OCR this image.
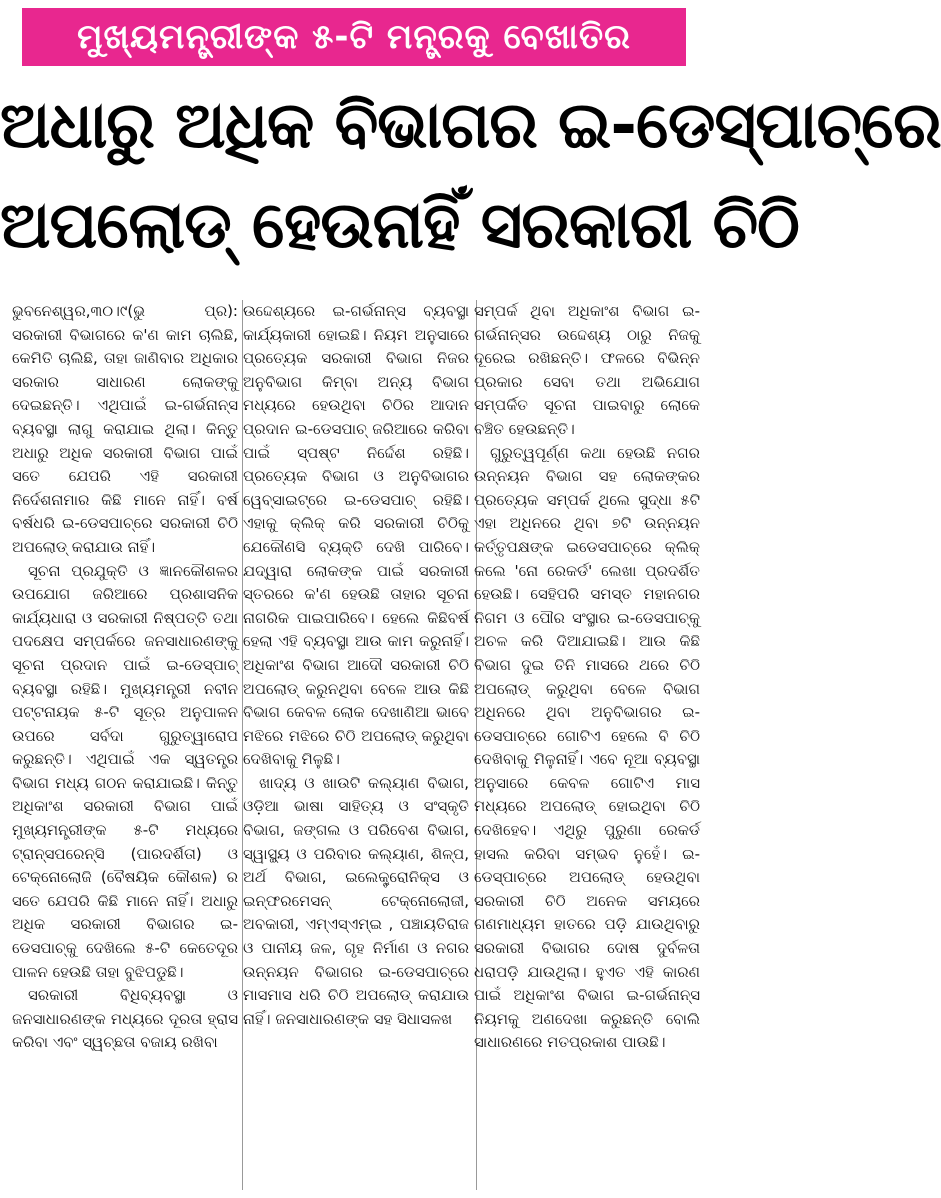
ମୁଖ୍ୟମନ୍ତ୍ରୀଙ୍କ ୫-ଟି ମନ୍ତ୍ରକୁ ବେଖାତିର
ଅଧାରୁ ଅଧିକ ବିଭାଗର ଇ-ଡେସ୍‌ପାଚ୍‌ରେ
ଅପଲୋଡ୍ ହେଉନାହିଁ ସରକାରୀ ଚିଠି

ଭୁବନେଶ୍ୱର,୩୦।୯(ଭୁ ପ୍ର): ସରକାରୀ ବିଭାଗରେ କ'ଣ କାମ ଚାଲିଛି, କେମିତି ଚାଲିଛି, ତାହା ଜାଣିବାର ଅଧିକାର ସରକାର ସାଧାରଣ ଲୋକଙ୍କୁ ଦେଇଛନ୍ତି। ଏଥିପାଇଁ ଇ-ଗର୍ଭନାନ୍ସ ବ୍ୟବସ୍ଥା ଲାଗୁ କରାଯାଇ ଥିଲା। କିନ୍ତୁ ଅଧାରୁ ଅଧିକ ସରକାରୀ ବିଭାଗ ପାଇଁ ସତେ ଯେପରି ଏହି ସରକାରୀ ନିର୍ଦେଶନାମାର କିଛି ମାନେ ନାହିଁ। ବର୍ଷ ବର୍ଷଧରି ଇ-ଡେସପାଚ୍‌ରେ ସରକାରୀ ଚିଠି ଅପଲୋଡ୍ କରାଯାଉ ନାହିଁ।

ସୂଚନା ପ୍ରଯୁକ୍ତି ଓ ଜ୍ଞାନକୌଶଳର ଉପଯୋଗ ଜରିଆରେ ପ୍ରଶାସନିକ କାର୍ଯ୍ୟଧାରା ଓ ସରକାରୀ ନିଷ୍ପତ୍ତି ତଥା ପଦକ୍ଷେପ ସମ୍ପର୍କରେ ଜନସାଧାରଣଙ୍କୁ ସୂଚନା ପ୍ରଦାନ ପାଇଁ ଇ-ଡେସ୍‌ପାଚ୍ ବ୍ୟବସ୍ଥା ରହିଛି। ମୁଖ୍ୟମନ୍ତ୍ରୀ ନବୀନ ପଟ୍ଟନାୟକ ୫-ଟି ସୂତ୍ର ଅନୁପାଳନ ଉପରେ ସର୍ବଦା ଗୁରୁତ୍ୱାରୋପ କରୁଛନ୍ତି। ଏଥିପାଇଁ ଏକ ସ୍ୱତନ୍ତ୍ର ବିଭାଗ ମଧ୍ୟ ଗଠନ କରାଯାଇଛି। କିନ୍ତୁ ଅଧିକାଂଶ ସରକାରୀ ବିଭାଗ ପାଇଁ ମୁଖ୍ୟମନ୍ତ୍ରୀଙ୍କ ୫-ଟି ମଧ୍ୟରେ ଟ୍ରାନ୍ସପରେନ୍ସି (ପାରଦର୍ଶିତା) ଓ ଟେକ୍ନୋଲୋଜି (ବୈଷୟିକ କୌଶଳ) ର ସତେ ଯେପରି କିଛି ମାନେ ନାହିଁ। ଅଧାରୁ ଅଧିକ ସରକାରୀ ବିଭାଗର ଇ-ଡେସପାଚ୍‌କୁ ଦେଖିଲେ ୫-ଟି କେତେଦୂର ପାଳନ ହେଉଛି ତାହା ବୁଝିପଡୁଛି।

ସରକାରୀ ବିଧିବ୍ୟବସ୍ଥା ଓ ଜନସାଧାରଣଙ୍କ ମଧ୍ୟରେ ଦୂରତା ହ୍ରାସ କରିବା ଏବଂ ସ୍ୱଚ୍ଛତା ବଜାୟ ରଖିବା

ଉଦ୍ଦେଶ୍ୟରେ ଇ-ଗର୍ଭନାନ୍ସ ବ୍ୟବସ୍ଥା କାର୍ଯ୍ୟକାରୀ ହୋଇଛି। ନିୟମ ଅନୁସାରେ ପ୍ରତ୍ୟେକ ସରକାରୀ ବିଭାଗ ନିଜର ଅନୁବିଭାଗ କିମ୍ବା ଅନ୍ୟ ବିଭାଗ ମଧ୍ୟରେ ହେଉଥିବା ଚିଠିର ଆଦାନ ପ୍ରଦାନ ଇ-ଡେସପାଚ୍ ଜରିଆରେ କରିବା ପାଇଁ ସ୍ପଷ୍ଟ ନିର୍ଦ୍ଦେଶ ରହିଛି। ପ୍ରତ୍ୟେକ ବିଭାଗ ଓ ଅନୁବିଭାଗର ୱେବ୍‌ସାଇଟ୍‌ରେ ଇ-ଡେସପାଚ୍ ରହିଛି। ଏହାକୁ କ୍ଲିକ୍ କରି ସରକାରୀ ଚିଠିକୁ ଯେକୌଣସି ବ୍ୟକ୍ତି ଦେଖି ପାରିବେ। ଯଦ୍ୱାରା ଲୋକଙ୍କ ପାଇଁ ସରକାରୀ ସ୍ତରରେ କ'ଣ ହେଉଛି ତାହାର ସୂଚନା ନାଗରିକ ପାଇପାରିବେ। ହେଲେ କିଛିବର୍ଷ ହେଲା ଏହି ବ୍ୟବସ୍ଥା ଆଉ କାମ କରୁନାହିଁ। ଅଧିକାଂଶ ବିଭାଗ ଆଦୌ ସରକାରୀ ଚିଠି ଅପଲୋଡ୍ କରୁନଥିବା ବେଳେ ଆଉ କିଛି ବିଭାଗ କେବଳ ଲୋକ ଦେଖାଣିଆ ଭାବେ ମଝିରେ ମଝିରେ ଚିଠି ଅପଲୋଡ୍ କରୁଥିବା ଦେଖିବାକୁ ମିଳୁଛି।

ଖାଦ୍ୟ ଓ ଖାଉଟି କଲ୍ୟାଣ ବିଭାଗ, ଓଡ଼ିଆ ଭାଷା ସାହିତ୍ୟ ଓ ସଂସ୍କୃତି ବିଭାଗ, ଜଙ୍ଗଲ ଓ ପରିବେଶ ବିଭାଗ, ସ୍ୱାସ୍ଥ୍ୟ ଓ ପରିବାର କଲ୍ୟାଣ, ଶିଳ୍ପ, ଅର୍ଥ ବିଭାଗ, ଇଲେକ୍ଟ୍ରୋନିକ୍ସ ଓ ଇନ୍‌ଫରମେସନ୍ ଟେକ୍ନୋଲୋଜୀ, ଅବକାରୀ, ଏମ୍ଏସ୍ଏମ୍‌ଇ , ପଞ୍ଚାୟତିରାଜ ଓ ପାନୀୟ ଜଳ, ଗୃହ ନିର୍ମାଣ ଓ ନଗର ଉନ୍ନୟନ ବିଭାଗର ଇ-ଡେସପାଚ୍‌ରେ ମାସମାସ ଧରି ଚିଠି ଅପଲୋଡ୍ କରାଯାଉ ନାହିଁ। ଜନସାଧାରଣଙ୍କ ସହ ସିଧାସଳଖ

ସମ୍ପର୍କ ଥିବା ଅଧିକାଂଶ ବିଭାଗ ଇ-ଗର୍ଭନାନ୍ସର ଉଦ୍ଦେଶ୍ୟ ଠାରୁ ନିଜକୁ ଦୂରେଇ ରଖିଛନ୍ତି। ଫଳରେ ବିଭିନ୍ନ ପ୍ରକାର ସେବା ତଥା ଅଭିଯୋଗ ସମ୍ପର୍କିତ ସୂଚନା ପାଇବାରୁ ଲୋକେ ବଞ୍ଚିତ ହେଉଛନ୍ତି।

ଗୁରୁତ୍ୱପୂର୍ଣ୍ଣ କଥା ହେଉଛି ନଗର ଉନ୍ନୟନ ବିଭାଗ ସହ ଲୋକଙ୍କର ପ୍ରତ୍ୟେକ ସମ୍ପର୍କ ଥିଲେ ସୁଦ୍ଧା ୫ଟି ଏହା ଅଧିନରେ ଥିବା ୭ଟି ଉନ୍ନୟନ କର୍ତ୍ତୃପକ୍ଷଙ୍କ ଇଡେସପାଚ୍‌ରେ କ୍ଲିକ୍ କଲେ 'ନୋ ରେକର୍ଡ' ଲେଖା ପ୍ରଦର୍ଶିତ ହେଉଛି। ସେହିପରି ସମସ୍ତ ମହାନଗର ନିଗମ ଓ ପୌର ସଂସ୍ଥାର ଇ-ଡେସପାଚ୍‌କୁ ଅଚଳ କରି ଦିଆଯାଇଛି। ଆଉ କିଛି ବିଭାଗ ଦୁଇ ତିନି ମାସରେ ଥରେ ଚିଠି ଅପଲୋଡ୍ କରୁଥିବା ବେଳେ ବିଭାଗ ଅଧିନରେ ଥିବା ଅନୁବିଭାଗର ଇ-ଡେସପାଚ୍‌ରେ ଗୋଟିଏ ହେଲେ ବି ଚିଠି ଦେଖିବାକୁ ମିଳୁନାହିଁ। ଏବେ ନୂଆ ବ୍ୟବସ୍ଥା ଅନୁସାରେ କେବଳ ଗୋଟିଏ ମାସ ମଧ୍ୟରେ ଅପଲୋଡ୍ ହୋଇଥିବା ଚିଠି ଦେଖିହେବ। ଏଥିରୁ ପୁରୁଣା ରେକର୍ଡ ହାସଲ କରିବା ସମ୍ଭବ ନୁହେଁ। ଇ-ଡେସ୍‌ପାଚ୍‌ରେ ଅପଲୋଡ୍ ହେଉଥିବା ସରକାରୀ ଚିଠି ଅନେକ ସମୟରେ ଗଣମାଧ୍ୟମ ହାତରେ ପଡ଼ି ଯାଉଥିବାରୁ ସରକାରୀ ବିଭାଗର ଦୋଷ ଦୁର୍ବଳତା ଧରାପଡ଼ି ଯାଉଥିଲା। ହୁଏତ ଏହି କାରଣ ପାଇଁ ଅଧିକାଂଶ ବିଭାଗ ଇ-ଗର୍ଭନାନ୍ସ ନିୟମକୁ ଅଣଦେଖା କରୁଛନ୍ତି ବୋଲି ସାଧାରଣରେ ମତପ୍ରକାଶ ପାଉଛି।
